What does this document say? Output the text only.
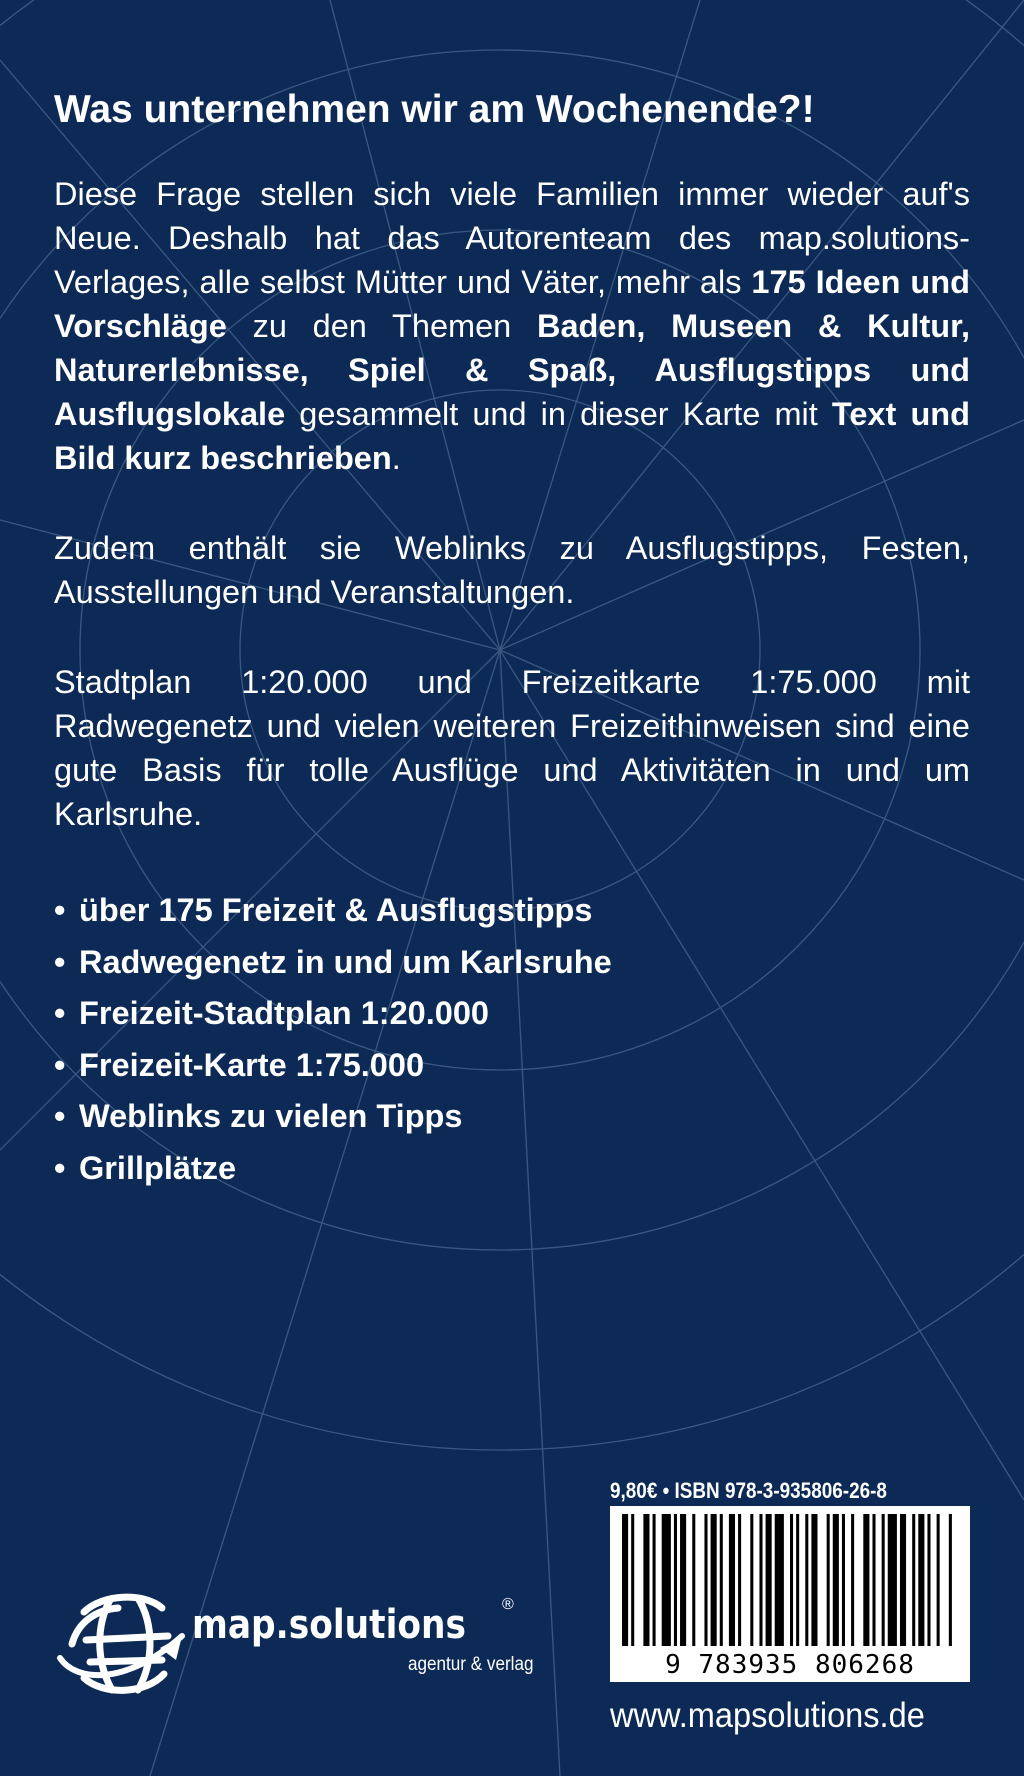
Was unternehmen wir am Wochenende?!

Diese Frage stellen sich viele Familien immer wieder auf's Neue. Deshalb hat das Autorenteam des map.solutions-Verlages, alle selbst Mütter und Väter, mehr als 175 Ideen und Vorschläge zu den Themen Baden, Museen & Kultur, Naturerlebnisse, Spiel & Spaß, Ausflugstipps und Ausflugslokale gesammelt und in dieser Karte mit Text und Bild kurz beschrieben.

Zudem enthält sie Weblinks zu Ausflugstipps, Festen, Ausstellungen und Veranstaltungen.

Stadtplan 1:20.000 und Freizeitkarte 1:75.000 mit Radwegenetz und vielen weiteren Freizeithinweisen sind eine gute Basis für tolle Ausflüge und Aktivitäten in und um Karlsruhe.

• über 175 Freizeit & Ausflugstipps
• Radwegenetz in und um Karlsruhe
• Freizeit-Stadtplan 1:20.000
• Freizeit-Karte 1:75.000
• Weblinks zu vielen Tipps
• Grillplätze
map.solutions ®
agentur & verlag
9,80€ • ISBN 978-3-935806-26-8
9 783935 806268
www.mapsolutions.de
